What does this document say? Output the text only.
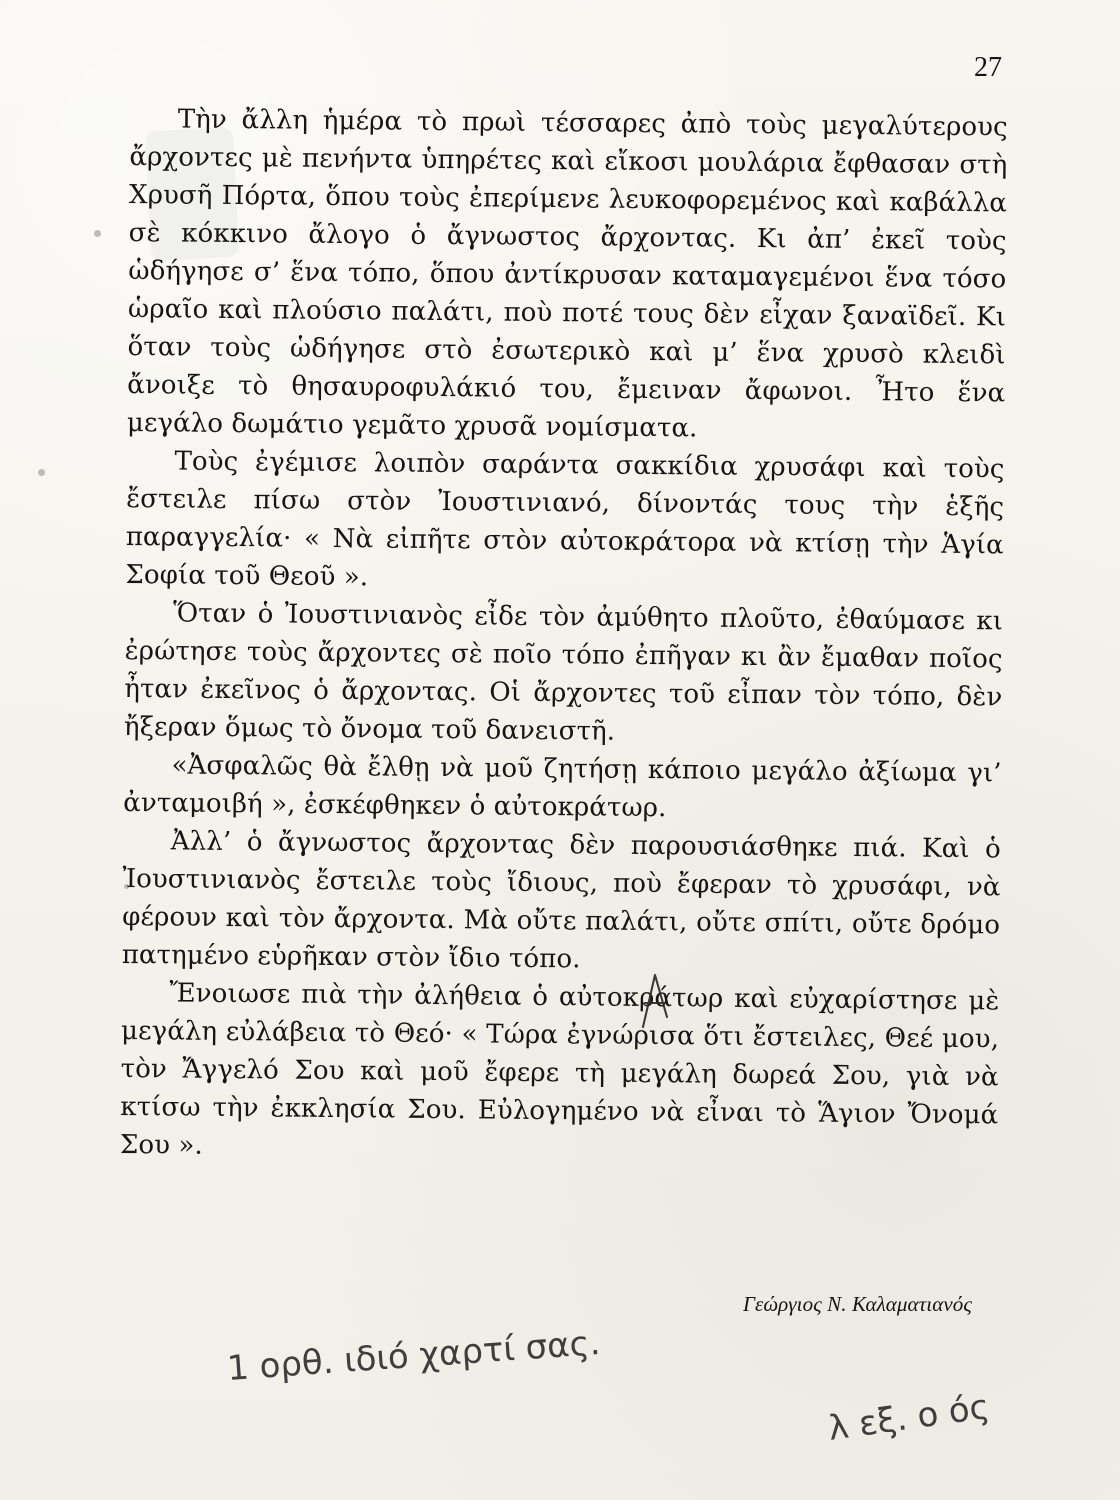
27

Τὴν ἄλλη ἡμέρα τὸ πρωὶ τέσσαρες ἀπὸ τοὺς μεγαλύτερους ἄρχοντες μὲ πενήντα ὑπηρέτες καὶ εἴκοσι μουλάρια ἔφθασαν στὴ Χρυσῆ Πόρτα, ὅπου τοὺς ἐπερίμενε λευκοφορεμένος καὶ καβάλλα σὲ κόκκινο ἄλογο ὁ ἄγνωστος ἄρχοντας. Κι ἀπ’ ἐκεῖ τοὺς ὡδήγησε σ’ ἕνα τόπο, ὅπου ἀντίκρυσαν καταμαγεμένοι ἕνα τόσο ὡραῖο καὶ πλούσιο παλάτι, ποὺ ποτέ τους δὲν εἶχαν ξαναϊδεῖ. Κι ὅταν τοὺς ὡδήγησε στὸ ἐσωτερικὸ καὶ μ’ ἕνα χρυσὸ κλειδὶ ἄνοιξε τὸ θησαυροφυλάκιό του, ἔμειναν ἄφωνοι. Ἦτο ἕνα μεγάλο δωμάτιο γεμᾶτο χρυσᾶ νομίσματα.

Τοὺς ἐγέμισε λοιπὸν σαράντα σακκίδια χρυσάφι καὶ τοὺς ἔστειλε πίσω στὸν Ἰουστινιανό, δίνοντάς τους τὴν ἑξῆς παραγγελία· « Νὰ εἰπῆτε στὸν αὐτοκράτορα νὰ κτίσῃ τὴν Ἁγία Σοφία τοῦ Θεοῦ ».

Ὅταν ὁ Ἰουστινιανὸς εἶδε τὸν ἀμύθητο πλοῦτο, ἐθαύμασε κι ἐρώτησε τοὺς ἄρχοντες σὲ ποῖο τόπο ἐπῆγαν κι ἂν ἔμαθαν ποῖος ἦταν ἐκεῖνος ὁ ἄρχοντας. Οἱ ἄρχοντες τοῦ εἶπαν τὸν τόπο, δὲν ἤξεραν ὅμως τὸ ὄνομα τοῦ δανειστῆ.

«Ἀσφαλῶς θὰ ἔλθῃ νὰ μοῦ ζητήσῃ κάποιο μεγάλο ἀξίωμα γι’ ἀνταμοιβή », ἐσκέφθηκεν ὁ αὐτοκράτωρ.

Ἀλλ’ ὁ ἄγνωστος ἄρχοντας δὲν παρουσιάσθηκε πιά. Καὶ ὁ Ἰουστινιανὸς ἔστειλε τοὺς ἴδιους, ποὺ ἔφεραν τὸ χρυσάφι, νὰ φέρουν καὶ τὸν ἄρχοντα. Μὰ οὔτε παλάτι, οὔτε σπίτι, οὔτε δρόμο πατημένο εὑρῆκαν στὸν ἴδιο τόπο.

Ἔνοιωσε πιὰ τὴν ἀλήθεια ὁ αὐτοκράτωρ καὶ εὐχαρίστησε μὲ μεγάλη εὐλάβεια τὸ Θεό· « Τώρα ἐγνώρισα ὅτι ἔστειλες, Θεέ μου, τὸν Ἄγγελό Σου καὶ μοῦ ἔφερε τὴ μεγάλη δωρεά Σου, γιὰ νὰ κτίσω τὴν ἐκκλησία Σου. Εὐλογημένο νὰ εἶναι τὸ Ἅγιον Ὄνομά Σου ».

Γεώργιος Ν. Καλαματιανός
1 ορθ. ιδιό χαρτί σας.
λ εξ. ο ός
